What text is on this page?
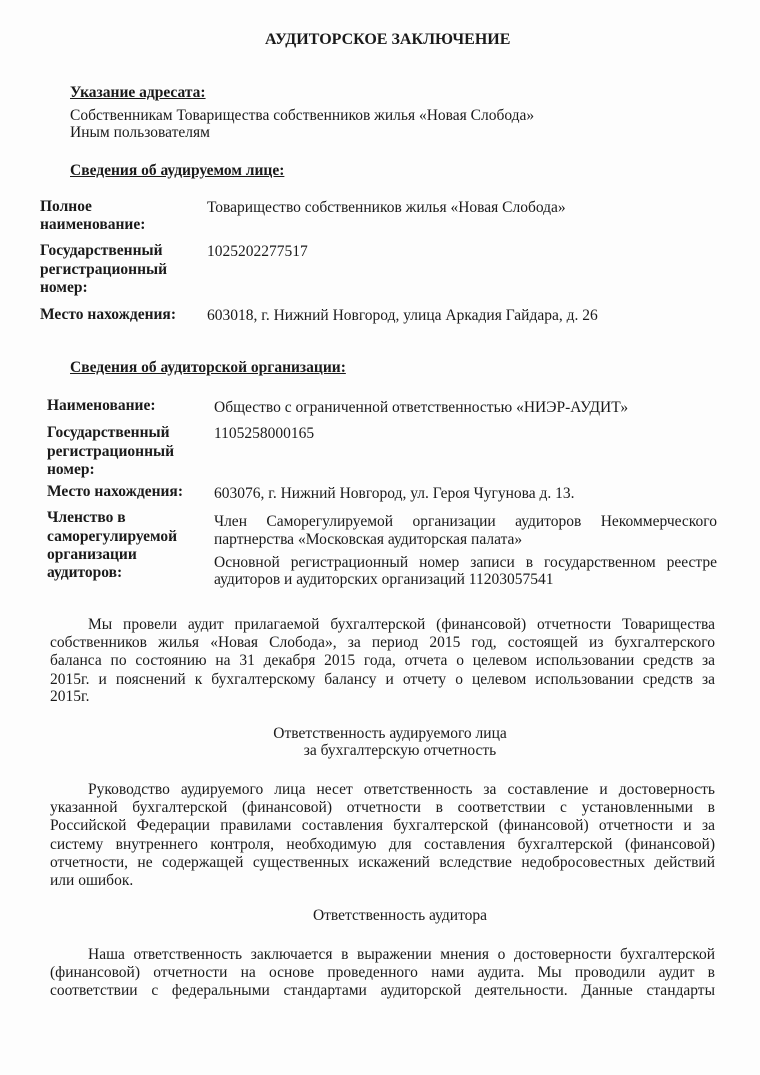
АУДИТОРСКОЕ ЗАКЛЮЧЕНИЕ
Указание адресата:
Собственникам Товарищества собственников жилья «Новая Слобода»
Иным пользователям
Сведения об аудируемом лице:
Полное
наименование:
Товарищество собственников жилья «Новая Слобода»
Государственный
регистрационный
номер:
1025202277517
Место нахождения: 603018, г. Нижний Новгород, улица Аркадия Гайдара, д. 26
Сведения об аудиторской организации:
Наименование:	Общество с ограниченной ответственностью «НИЭР-АУДИТ»
Государственный
регистрационный
номер:
1105258000165
Место нахождения: 603076, г. Нижний Новгород, ул. Героя Чугунова д. 13.
Членство в
саморегулируемой
организации
аудиторов:
Член Саморегулируемой организации аудиторов Некоммерческого
партнерства «Московская аудиторская палата»
Основной регистрационный номер записи в государственном реестре
аудиторов и аудиторских организаций 11203057541
Мы провели аудит прилагаемой бухгалтерской (финансовой) отчетности Товарищества
собственников жилья «Новая Слобода», за период 2015 год, состоящей из бухгалтерского
баланса по состоянию на 31 декабря 2015 года, отчета о целевом использовании средств за
2015г. и пояснений к бухгалтерскому балансу и отчету о целевом использовании средств за
2015г.
Ответственность аудируемого лица
за бухгалтерскую отчетность
Руководство аудируемого лица несет ответственность за составление и достоверность
указанной бухгалтерской (финансовой) отчетности в соответствии с установленными в
Российской Федерации правилами составления бухгалтерской (финансовой) отчетности и за
систему внутреннего контроля, необходимую для составления бухгалтерской (финансовой)
отчетности, не содержащей существенных искажений вследствие недобросовестных действий
или ошибок.
Ответственность аудитора
Наша ответственность заключается в выражении мнения о достоверности бухгалтерской
(финансовой) отчетности на основе проведенного нами аудита. Мы проводили аудит в
соответствии с федеральными стандартами аудиторской деятельности. Данные стандарты
